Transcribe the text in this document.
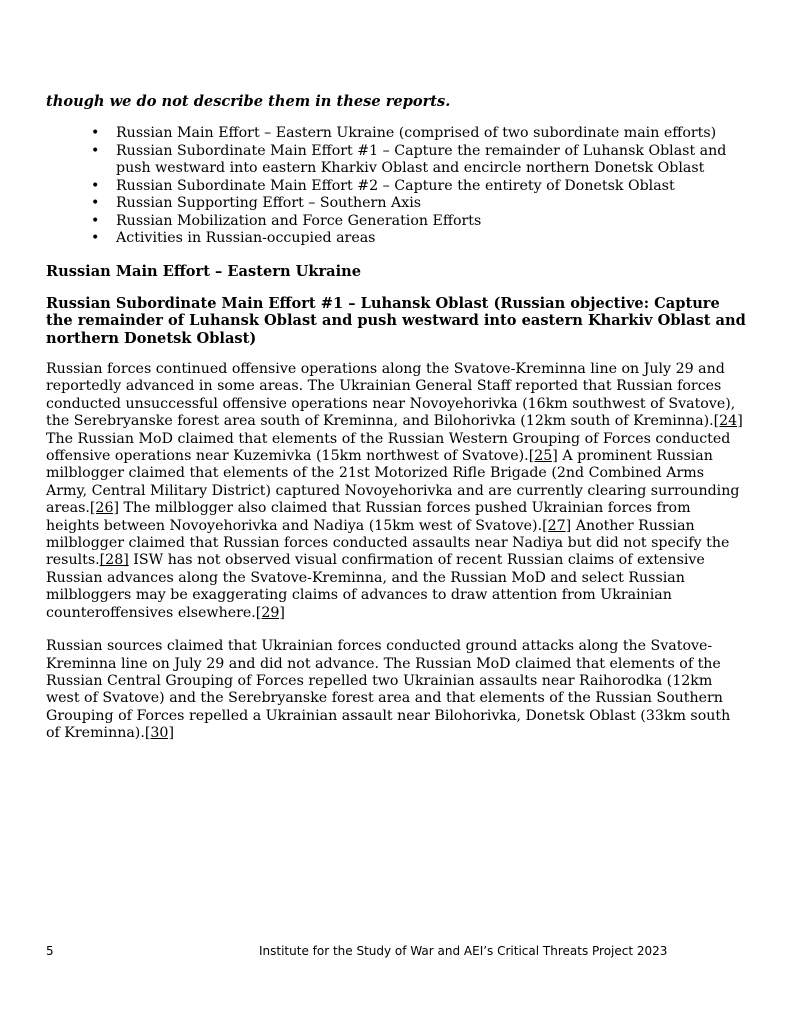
though we do not describe them in these reports.

• Russian Main Effort – Eastern Ukraine (comprised of two subordinate main efforts)
• Russian Subordinate Main Effort #1 – Capture the remainder of Luhansk Oblast and push westward into eastern Kharkiv Oblast and encircle northern Donetsk Oblast
• Russian Subordinate Main Effort #2 – Capture the entirety of Donetsk Oblast
• Russian Supporting Effort – Southern Axis
• Russian Mobilization and Force Generation Efforts
• Activities in Russian-occupied areas
Russian Main Effort – Eastern Ukraine
Russian Subordinate Main Effort #1 – Luhansk Oblast (Russian objective: Capture the remainder of Luhansk Oblast and push westward into eastern Kharkiv Oblast and northern Donetsk Oblast)

Russian forces continued offensive operations along the Svatove-Kreminna line on July 29 and reportedly advanced in some areas. The Ukrainian General Staff reported that Russian forces conducted unsuccessful offensive operations near Novoyehorivka (16km southwest of Svatove), the Serebryanske forest area south of Kreminna, and Bilohorivka (12km south of Kreminna).[24] The Russian MoD claimed that elements of the Russian Western Grouping of Forces conducted offensive operations near Kuzemivka (15km northwest of Svatove).[25] A prominent Russian milblogger claimed that elements of the 21st Motorized Rifle Brigade (2nd Combined Arms Army, Central Military District) captured Novoyehorivka and are currently clearing surrounding areas.[26] The milblogger also claimed that Russian forces pushed Ukrainian forces from heights between Novoyehorivka and Nadiya (15km west of Svatove).[27] Another Russian milblogger claimed that Russian forces conducted assaults near Nadiya but did not specify the results.[28] ISW has not observed visual confirmation of recent Russian claims of extensive Russian advances along the Svatove-Kreminna, and the Russian MoD and select Russian milbloggers may be exaggerating claims of advances to draw attention from Ukrainian counteroffensives elsewhere.[29]

Russian sources claimed that Ukrainian forces conducted ground attacks along the Svatove-Kreminna line on July 29 and did not advance. The Russian MoD claimed that elements of the Russian Central Grouping of Forces repelled two Ukrainian assaults near Raihorodka (12km west of Svatove) and the Serebryanske forest area and that elements of the Russian Southern Grouping of Forces repelled a Ukrainian assault near Bilohorivka, Donetsk Oblast (33km south of Kreminna).[30]

5	Institute for the Study of War and AEI’s Critical Threats Project 2023
